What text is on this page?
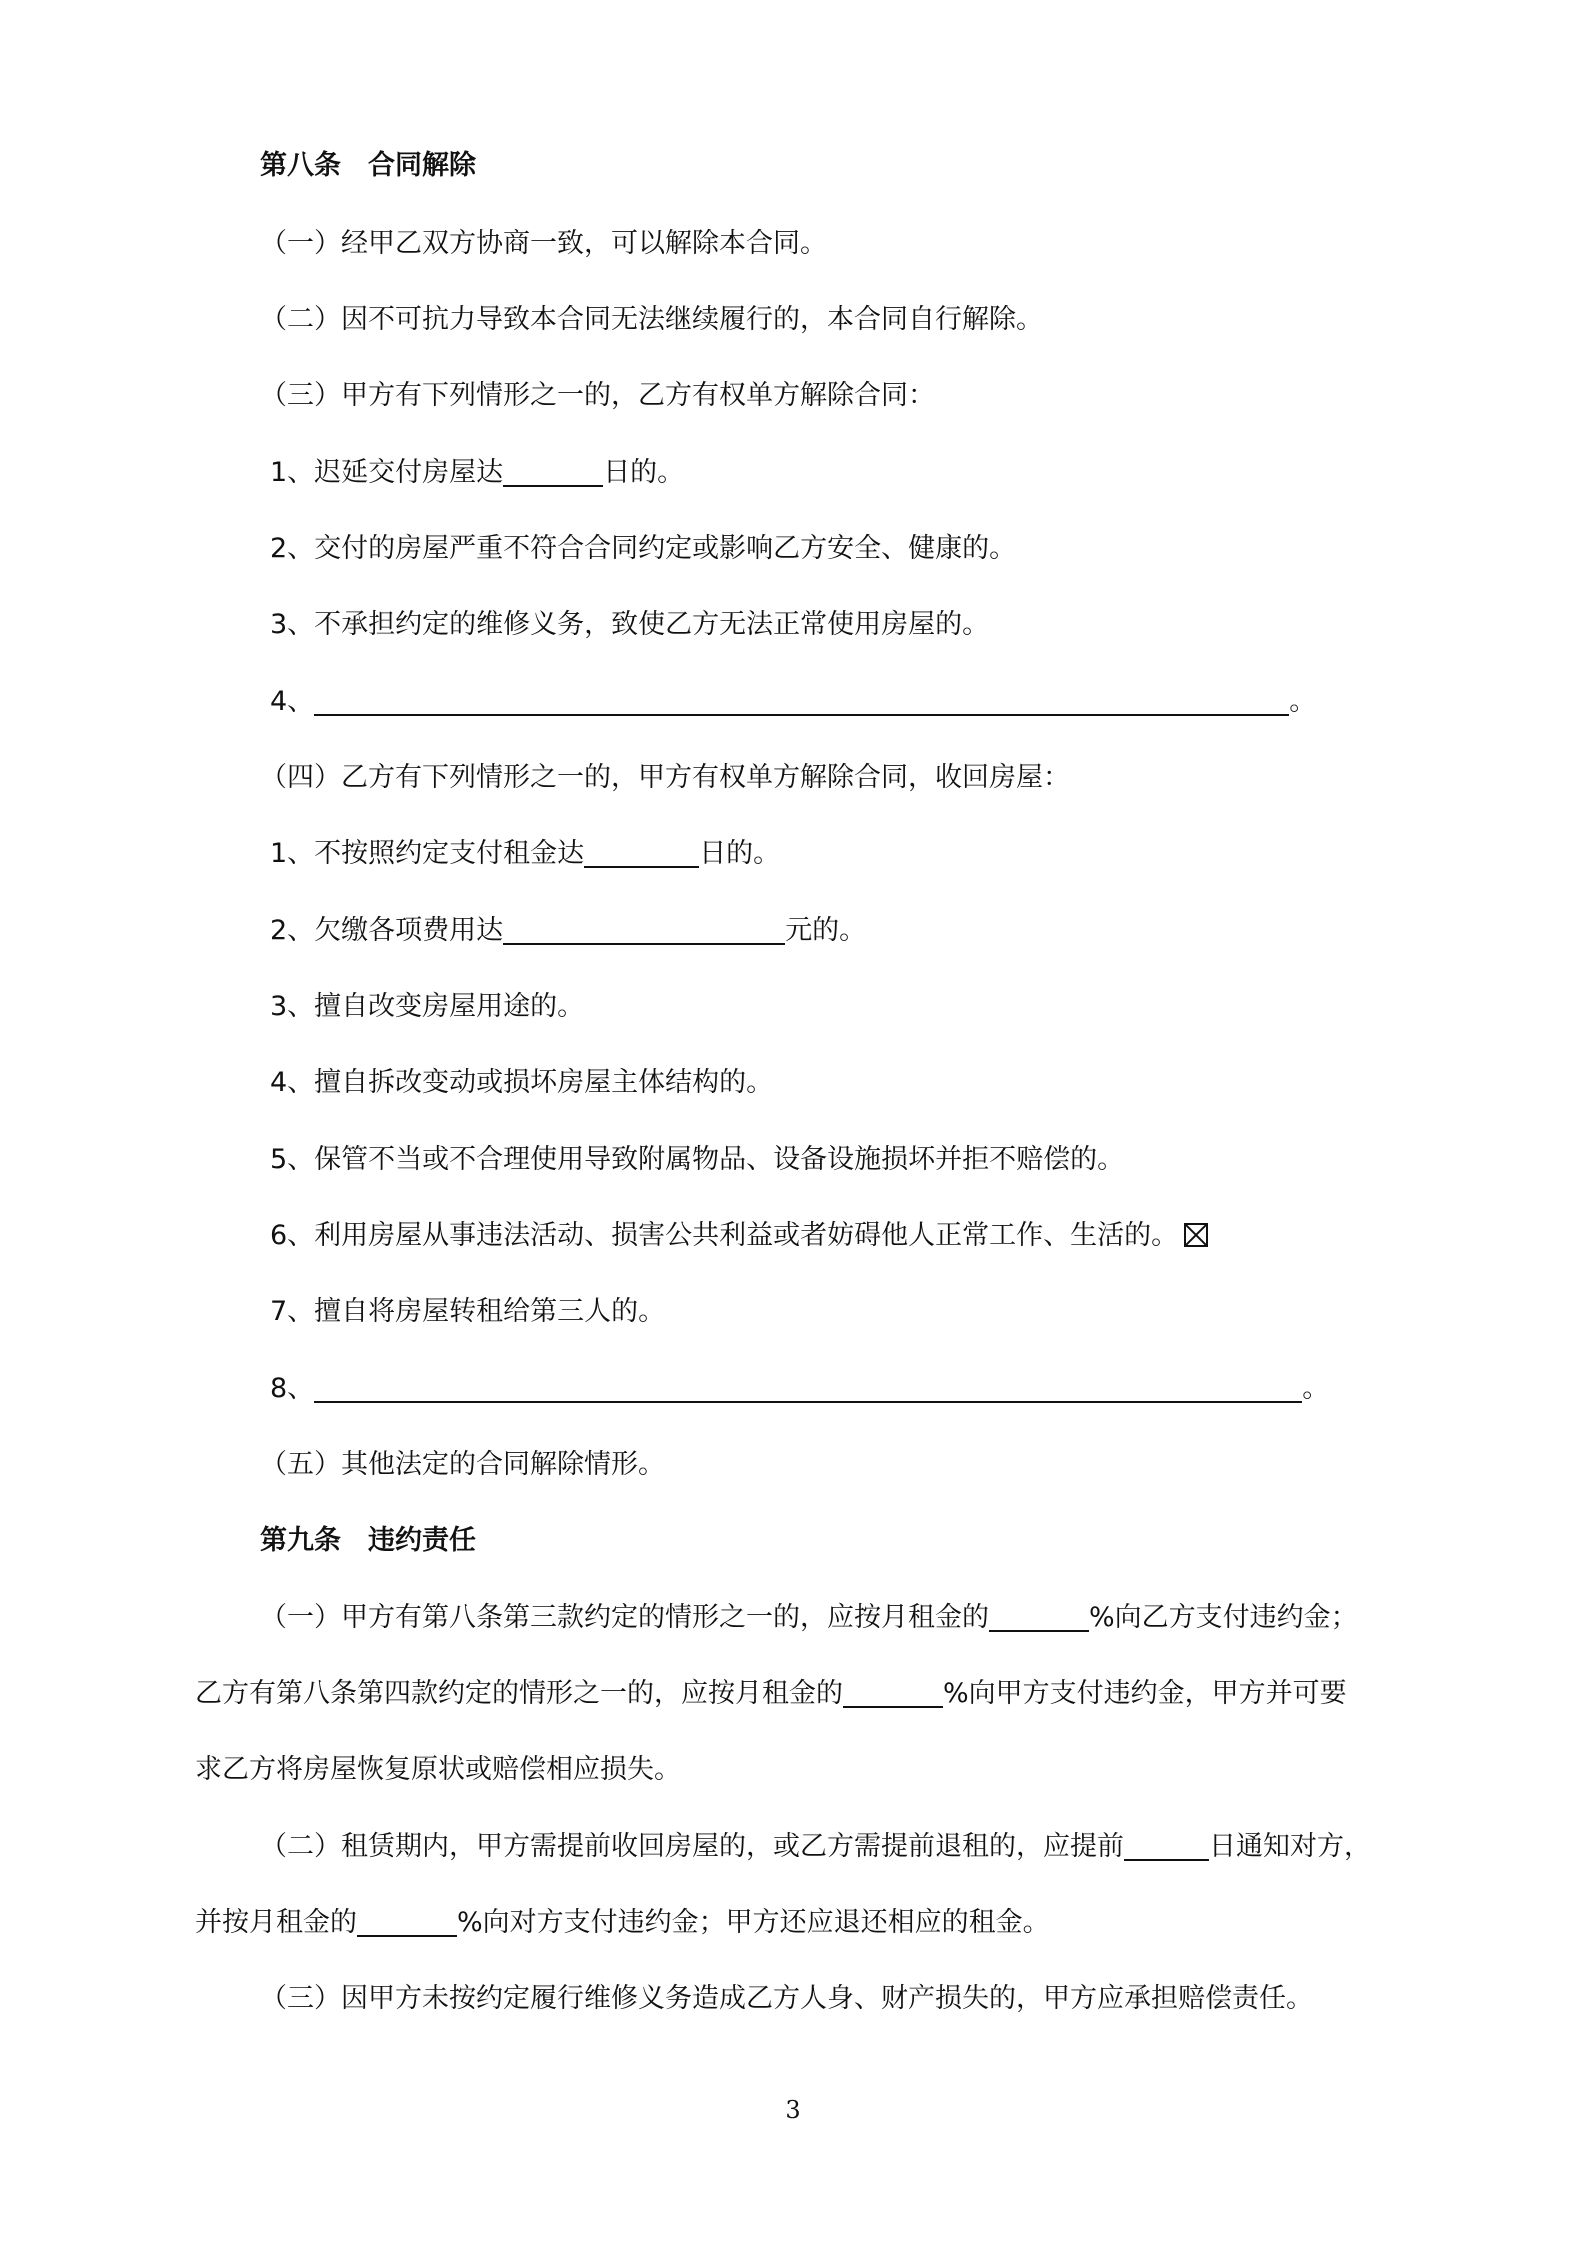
第八条　合同解除
（一）经甲乙双方协商一致，可以解除本合同。
（二）因不可抗力导致本合同无法继续履行的，本合同自行解除。
（三）甲方有下列情形之一的，乙方有权单方解除合同：
1、迟延交付房屋达	日的。
2、交付的房屋严重不符合合同约定或影响乙方安全、健康的。
3、不承担约定的维修义务，致使乙方无法正常使用房屋的。
4、	。
（四）乙方有下列情形之一的，甲方有权单方解除合同，收回房屋：
1、不按照约定支付租金达	日的。
2、欠缴各项费用达	元的。
3、擅自改变房屋用途的。
4、擅自拆改变动或损坏房屋主体结构的。
5、保管不当或不合理使用导致附属物品、设备设施损坏并拒不赔偿的。
6、利用房屋从事违法活动、损害公共利益或者妨碍他人正常工作、生活的。
7、擅自将房屋转租给第三人的。
8、	。
（五）其他法定的合同解除情形。
第九条　违约责任
（一）甲方有第八条第三款约定的情形之一的，应按月租金的	%向乙方支付违约金；
乙方有第八条第四款约定的情形之一的，应按月租金的	%向甲方支付违约金，甲方并可要
求乙方将房屋恢复原状或赔偿相应损失。
（二）租赁期内，甲方需提前收回房屋的，或乙方需提前退租的，应提前	日通知对方，
并按月租金的	%向对方支付违约金；甲方还应退还相应的租金。
（三）因甲方未按约定履行维修义务造成乙方人身、财产损失的，甲方应承担赔偿责任。
3
